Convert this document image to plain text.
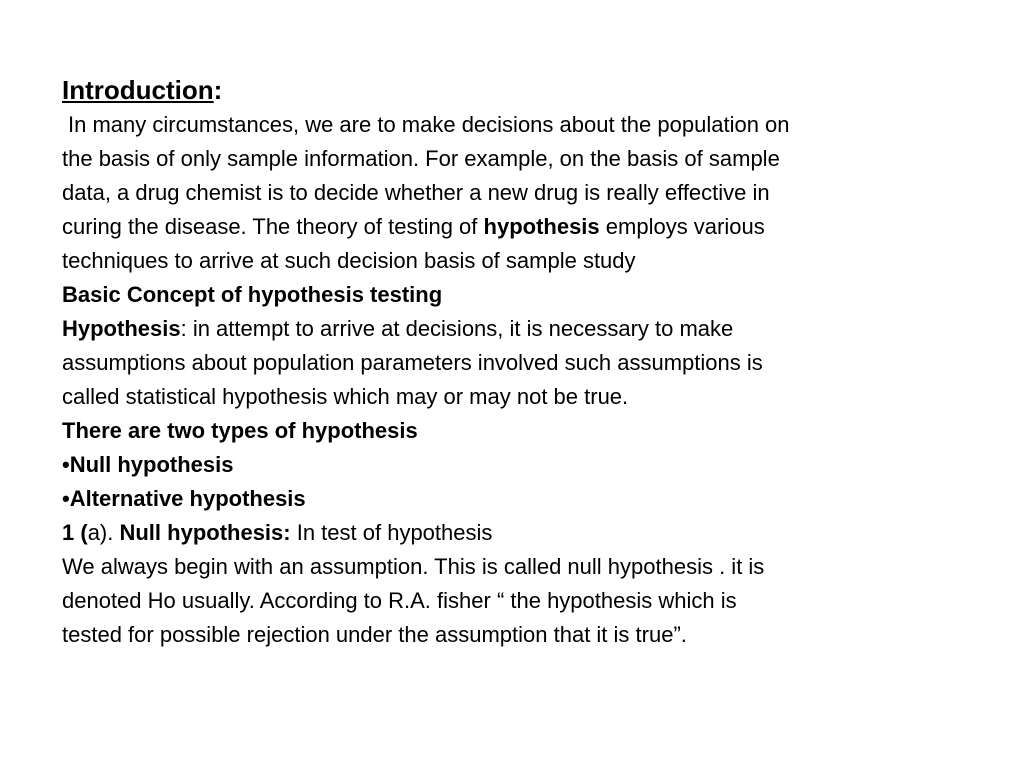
Introduction:

In many circumstances, we are to make decisions about the population on
the basis of only sample information. For example, on the basis of sample
data, a drug chemist is to decide whether a new drug is really effective in
curing the disease. The theory of testing of hypothesis employs various
techniques to arrive at such decision basis of sample study
Basic Concept of hypothesis testing
Hypothesis: in attempt to arrive at decisions, it is necessary to make
assumptions about population parameters involved such assumptions is
called statistical hypothesis which may or may not be true.
There are two types of hypothesis
•Null hypothesis
•Alternative hypothesis
1 (a). Null hypothesis: In test of hypothesis
We always begin with an assumption. This is called null hypothesis . it is
denoted Ho usually. According to R.A. fisher “ the hypothesis which is
tested for possible rejection under the assumption that it is true”.
